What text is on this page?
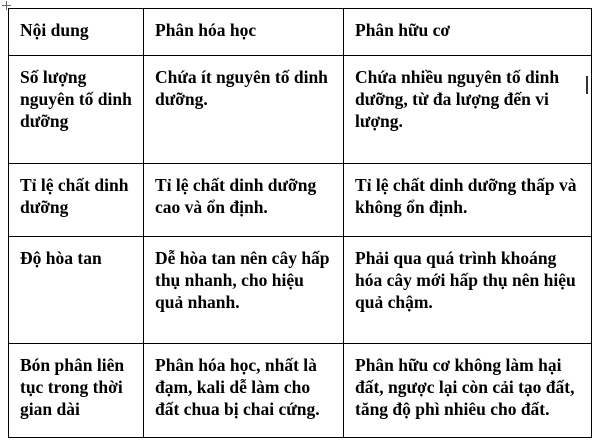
Nội dung	Phân hóa học	Phân hữu cơ
Số lượng nguyên tố dinh dưỡng	Chứa ít nguyên tố dinh dưỡng.	Chứa nhiều nguyên tố dinh dưỡng, từ đa lượng đến vi lượng.
Tỉ lệ chất dinh dưỡng	Tỉ lệ chất dinh dưỡng cao và ổn định.	Tỉ lệ chất dinh dưỡng thấp và không ổn định.
Độ hòa tan	Dễ hòa tan nên cây hấp thụ nhanh, cho hiệu quả nhanh.	Phải qua quá trình khoáng hóa cây mới hấp thụ nên hiệu quả chậm.
Bón phân liên tục trong thời gian dài	Phân hóa học, nhất là đạm, kali dễ làm cho đất chua bị chai cứng.	Phân hữu cơ không làm hại đất, ngược lại còn cải tạo đất, tăng độ phì nhiêu cho đất.
